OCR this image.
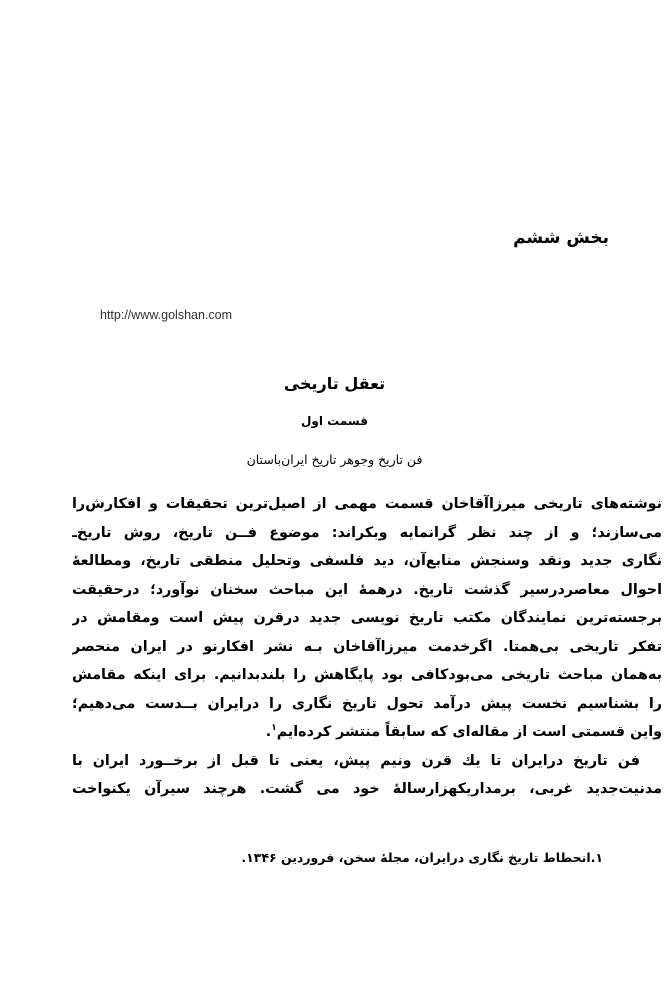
بخش ششم
http://www.golshan.com
تعقل تاریخی
قسمت اول
فن تاریخ وجوهر تاریخ ایران‌باستان
نوشته‌های تاریخی میرزاآقاخان قسمت مهمی از اصیل‌ترین تحقیقات و افکارش‌را
می‌سازند؛ و از چند نظر گرانمایه وبکراند: موضوع فــن تاریخ، روش تاریخ‌ـ
نگاری جدید ونقد وسنجش منابع‌آن، دید فلسفی وتحلیل منطقی تاریخ، ومطالعهٔ
احوال معاصردرسیر گذشت تاریخ. درهمهٔ این مباحث سخنان نوآورد؛ درحقیقت
برجسته‌ترین نمایندگان مکتب تاریخ نویسی جدید درقرن پیش است ومقامش در
تفکر تاریخی بی‌همتا. اگرخدمت میرزاآقاخان بـه نشر افکارنو در ایران منحصر
به‌همان مباحث تاریخی می‌بودکافی بود پایگاهش را بلندبدانیم. برای اینکه مقامش
را بشناسیم نخست پیش درآمد تحول تاریخ نگاری را درایران بــدست می‌دهیم؛
واین قسمتی است از مقاله‌ای که سابقاً منتشر کرده‌ایم$^۱$.
فن تاریخ درایران تا یك قرن ونیم پیش، یعنی تا قبل از برخــورد ایران با
مدنیت‌جدید غربی، برمداریکهزارسالهٔ خود می گشت. هرچند سیرآن یکنواخت
۱.انحطاط تاریخ نگاری درایران، مجلهٔ سخن، فروردین ۱۳۴۶.
